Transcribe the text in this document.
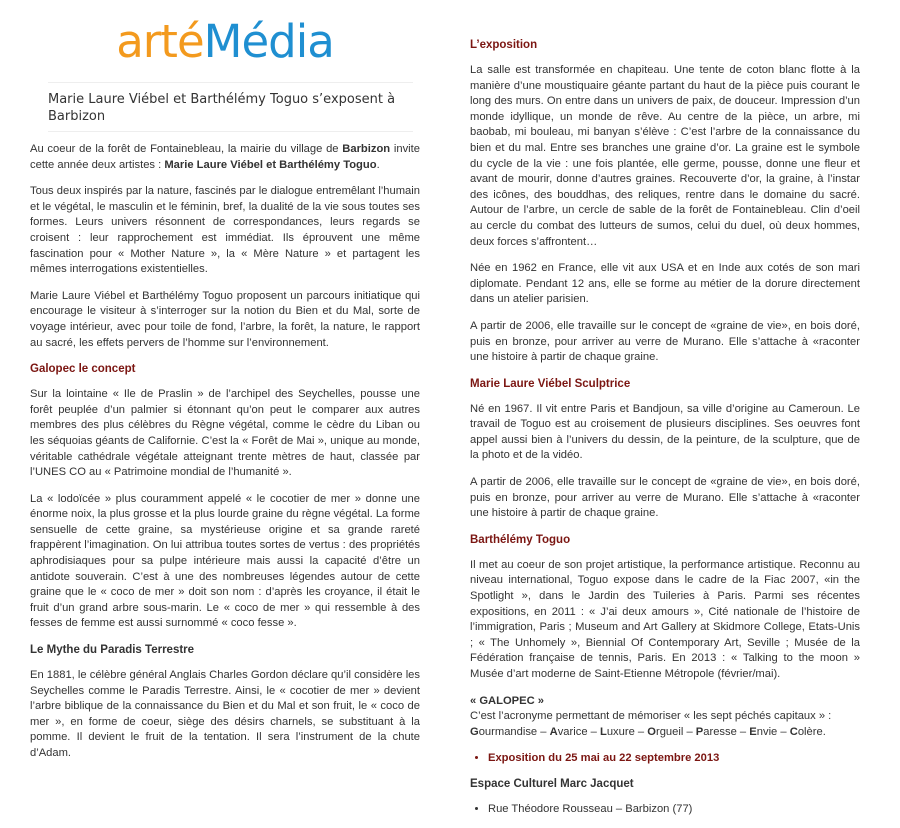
artéMédia
Marie Laure Viébel et Barthélémy Toguo s’exposent à Barbizon

Au coeur de la forêt de Fontainebleau, la mairie du village de Barbizon invite cette année deux artistes : Marie Laure Viébel et Barthélémy Toguo.

Tous deux inspirés par la nature, fascinés par le dialogue entremêlant l’humain et le végétal, le masculin et le féminin, bref, la dualité de la vie sous toutes ses formes. Leurs univers résonnent de correspondances, leurs regards se croisent : leur rapprochement est immédiat. Ils éprouvent une même fascination pour « Mother Nature », la « Mère Nature » et partagent les mêmes interrogations existentielles.

Marie Laure Viébel et Barthélémy Toguo proposent un parcours initiatique qui encourage le visiteur à s’interroger sur la notion du Bien et du Mal, sorte de voyage intérieur, avec pour toile de fond, l’arbre, la forêt, la nature, le rapport au sacré, les effets pervers de l’homme sur l’environnement.

Galopec le concept

Sur la lointaine « Ile de Praslin » de l’archipel des Seychelles, pousse une forêt peuplée d’un palmier si étonnant qu’on peut le comparer aux autres membres des plus célèbres du Règne végétal, comme le cèdre du Liban ou les séquoias géants de Californie. C’est la « Forêt de Mai », unique au monde, véritable cathédrale végétale atteignant trente mètres de haut, classée par l’UNES CO au « Patrimoine mondial de l’humanité ».

La « lodoïcée » plus couramment appelé « le cocotier de mer » donne une énorme noix, la plus grosse et la plus lourde graine du règne végétal. La forme sensuelle de cette graine, sa mystérieuse origine et sa grande rareté frappèrent l’imagination. On lui attribua toutes sortes de vertus : des propriétés aphrodisiaques pour sa pulpe intérieure mais aussi la capacité d’être un antidote souverain. C’est à une des nombreuses légendes autour de cette graine que le « coco de mer » doit son nom : d’après les croyance, il était le fruit d’un grand arbre sous-marin. Le « coco de mer » qui ressemble à des fesses de femme est aussi surnommé « coco fesse ».

Le Mythe du Paradis Terrestre

En 1881, le célèbre général Anglais Charles Gordon déclare qu’il considère les Seychelles comme le Paradis Terrestre. Ainsi, le « cocotier de mer » devient l’arbre biblique de la connaissance du Bien et du Mal et son fruit, le « coco de mer », en forme de coeur, siège des désirs charnels, se substituant à la pomme. Il devient le fruit de la tentation. Il sera l’instrument de la chute d’Adam.

L’exposition

La salle est transformée en chapiteau. Une tente de coton blanc flotte à la manière d’une moustiquaire géante partant du haut de la pièce puis courant le long des murs. On entre dans un univers de paix, de douceur. Impression d’un monde idyllique, un monde de rêve. Au centre de la pièce, un arbre, mi baobab, mi bouleau, mi banyan s’élève : C’est l’arbre de la connaissance du bien et du mal. Entre ses branches une graine d’or. La graine est le symbole du cycle de la vie : une fois plantée, elle germe, pousse, donne une fleur et avant de mourir, donne d’autres graines. Recouverte d’or, la graine, à l’instar des icônes, des bouddhas, des reliques, rentre dans le domaine du sacré. Autour de l’arbre, un cercle de sable de la forêt de Fontainebleau. Clin d’oeil au cercle du combat des lutteurs de sumos, celui du duel, où deux hommes, deux forces s’affrontent…

Née en 1962 en France, elle vit aux USA et en Inde aux cotés de son mari diplomate. Pendant 12 ans, elle se forme au métier de la dorure directement dans un atelier parisien.

A partir de 2006, elle travaille sur le concept de «graine de vie», en bois doré, puis en bronze, pour arriver au verre de Murano. Elle s’attache à «raconter une histoire à partir de chaque graine.

Marie Laure Viébel Sculptrice

Né en 1967. Il vit entre Paris et Bandjoun, sa ville d’origine au Cameroun. Le travail de Toguo est au croisement de plusieurs disciplines. Ses oeuvres font appel aussi bien à l’univers du dessin, de la peinture, de la sculpture, que de la photo et de la vidéo.

A partir de 2006, elle travaille sur le concept de «graine de vie», en bois doré, puis en bronze, pour arriver au verre de Murano. Elle s’attache à «raconter une histoire à partir de chaque graine.

Barthélémy Toguo

Il met au coeur de son projet artistique, la performance artistique. Reconnu au niveau international, Toguo expose dans le cadre de la Fiac 2007, «in the Spotlight », dans le Jardin des Tuileries à Paris. Parmi ses récentes expositions, en 2011 : « J’ai deux amours », Cité nationale de l’histoire de l’immigration, Paris ; Museum and Art Gallery at Skidmore College, Etats-Unis ; « The Unhomely », Biennial Of Contemporary Art, Seville ; Musée de la Fédération française de tennis, Paris. En 2013 : « Talking to the moon » Musée d’art moderne de Saint-Etienne Métropole (février/mai).

« GALOPEC »
C’est l’acronyme permettant de mémoriser « les sept péchés capitaux » :
Gourmandise – Avarice – Luxure – Orgueil – Paresse – Envie – Colère.
• Exposition du 25 mai au 22 septembre 2013
Espace Culturel Marc Jacquet
• Rue Théodore Rousseau – Barbizon (77)
